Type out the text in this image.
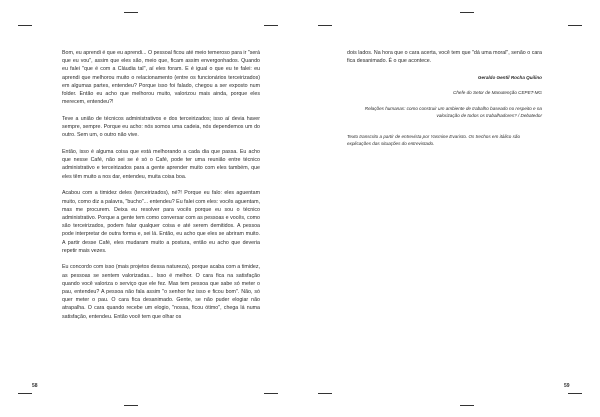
Bom, eu aprendi é que eu aprendi... O pessoal ficou até meio temeroso para ir "será que eu vou", assim que eles são, meio que, ficam assim envergonhados. Quando eu falei "que é com a Cláudia tal", aí eles foram. E é igual o que eu te falei: eu aprendi que melhorou muito o relacionamento (entre os funcionários terceirizados) em algumas partes, entendeu? Porque isso foi falado, chegou a ser exposto num folder. Então eu acho que melhorou muito, valorizou mais ainda, porque eles merecem, entendeu?!

Teve a união de técnicos administrativos e dos terceirizados; isso aí devia haver sempre, sempre. Porque eu acho: nós somos uma cadeia, nós dependemos um do outro. Sem um, o outro não vive.

Então, isso é alguma coisa que está melhorando a cada dia que passa. Eu acho que nesse Café, não sei se é só o Café, pode ter uma reunião entre técnico administrativo e terceirizados para a gente aprender muito com eles também, que eles têm muito a nos dar, entendeu, muita coisa boa.

Acabou com a timidez deles (terceirizados), né?! Porque eu falo: eles aguentam muito, como diz a palavra, "bucho"... entendeu? Eu falei com eles: vocês aguentam, mas me procurem. Deixa eu resolver para vocês porque eu sou o técnico administrativo. Porque a gente tem como conversar com as pessoas e vocês, como são terceirizados, podem falar qualquer coisa e até serem demitidos. A pessoa pode interpretar de outra forma e, sei lá. Então, eu acho que eles se abriram muito. A partir desse Café, eles mudaram muito a postura, então eu acho que deveria repetir mais vezes.

Eu concordo com isso (mais projetos dessa natureza), porque acaba com a timidez, as pessoas se sentem valorizadas... Isso é melhor. O cara fica na satisfação quando você valoriza o serviço que ele fez. Mas tem pessoa que sabe só meter o pau, entendeu? A pessoa não fala assim "o senhor fez isso e ficou bom". Não, só quer meter o pau. O cara fica desanimado. Gente, se não puder elogiar não atrapalha. O cara quando recebe um elogio, "nossa, ficou ótimo", chega lá numa satisfação, entendeu. Então você tem que olhar os

58

dois lados. Na hora que o cara acerta, você tem que "dá uma moral", senão o cara fica desanimado. É o que acontece.

Geraldo Gentil Rocha Quilino

Chefe do Setor de Manutenção CEPET-MG

Relações humanas: como construir um ambiente de trabalho baseado no respeito e na valorização de todos os trabalhadores? / Debatedor

Texto transcrito a partir de entrevista por Yasmine Evaristo. Os trechos em itálico são explicações das situações do entrevistado.
59
